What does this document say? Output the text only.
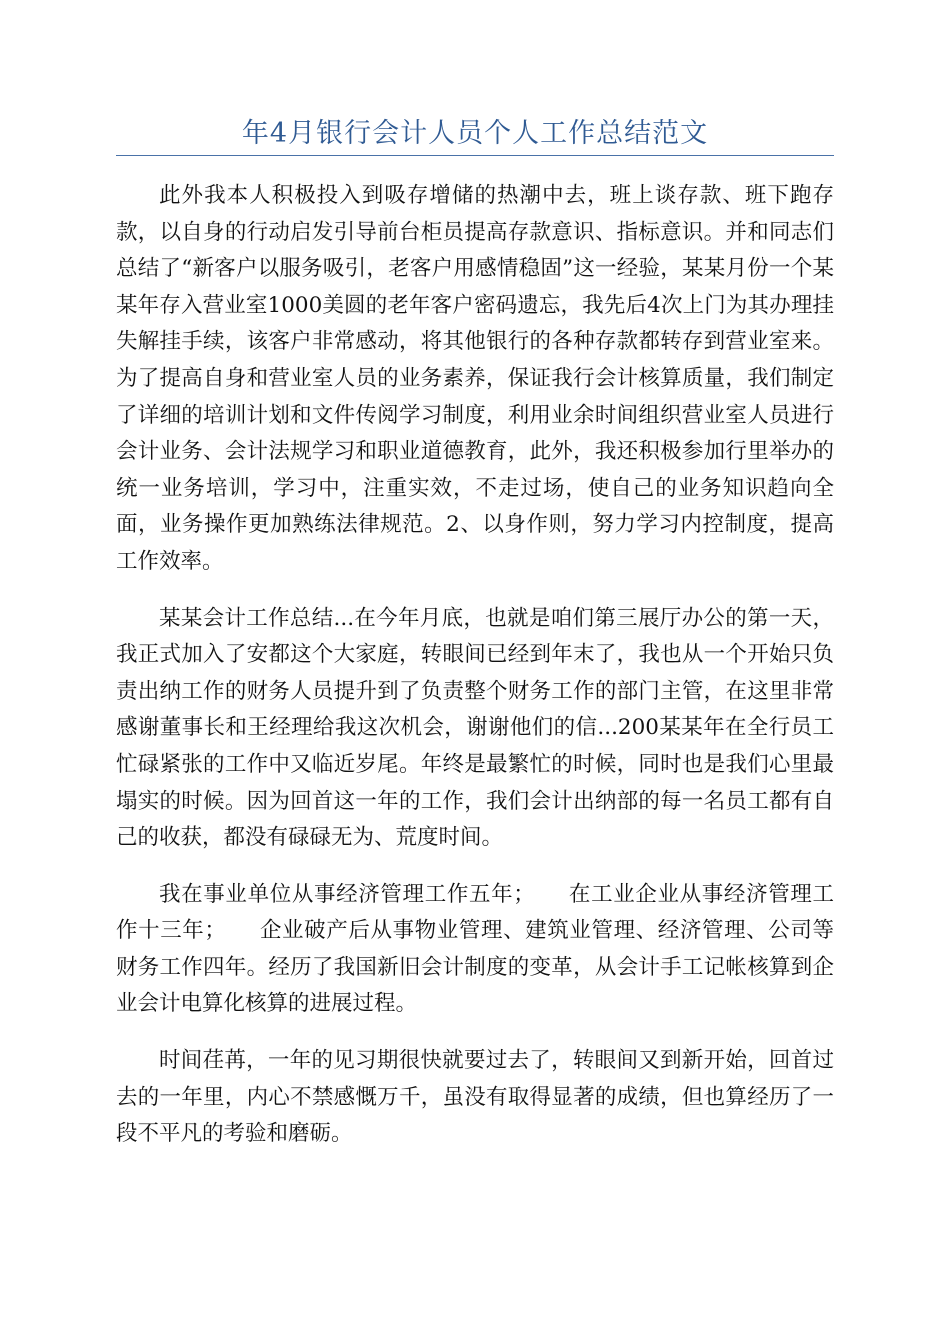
年4月银行会计人员个人工作总结范文

此外我本人积极投入到吸存增储的热潮中去，班上谈存款、班下跑存款，以自身的行动启发引导前台柜员提高存款意识、指标意识。并和同志们总结了“新客户以服务吸引，老客户用感情稳固”这一经验，某某月份一个某某年存入营业室1000美圆的老年客户密码遗忘，我先后4次上门为其办理挂失解挂手续，该客户非常感动，将其他银行的各种存款都转存到营业室来。为了提高自身和营业室人员的业务素养，保证我行会计核算质量，我们制定了详细的培训计划和文件传阅学习制度，利用业余时间组织营业室人员进行会计业务、会计法规学习和职业道德教育，此外，我还积极参加行里举办的统一业务培训，学习中，注重实效，不走过场，使自己的业务知识趋向全面，业务操作更加熟练法律规范。2、以身作则，努力学习内控制度，提高工作效率。

某某会计工作总结...在今年月底，也就是咱们第三展厅办公的第一天，我正式加入了安都这个大家庭，转眼间已经到年末了，我也从一个开始只负责出纳工作的财务人员提升到了负责整个财务工作的部门主管，在这里非常感谢董事长和王经理给我这次机会，谢谢他们的信...200某某年在全行员工忙碌紧张的工作中又临近岁尾。年终是最繁忙的时候，同时也是我们心里最塌实的时候。因为回首这一年的工作，我们会计出纳部的每一名员工都有自己的收获，都没有碌碌无为、荒度时间。

我在事业单位从事经济管理工作五年；　　在工业企业从事经济管理工作十三年；　　企业破产后从事物业管理、建筑业管理、经济管理、公司等财务工作四年。经历了我国新旧会计制度的变革，从会计手工记帐核算到企业会计电算化核算的进展过程。

时间荏苒，一年的见习期很快就要过去了，转眼间又到新开始，回首过去的一年里，内心不禁感慨万千，虽没有取得显著的成绩，但也算经历了一段不平凡的考验和磨砺。
